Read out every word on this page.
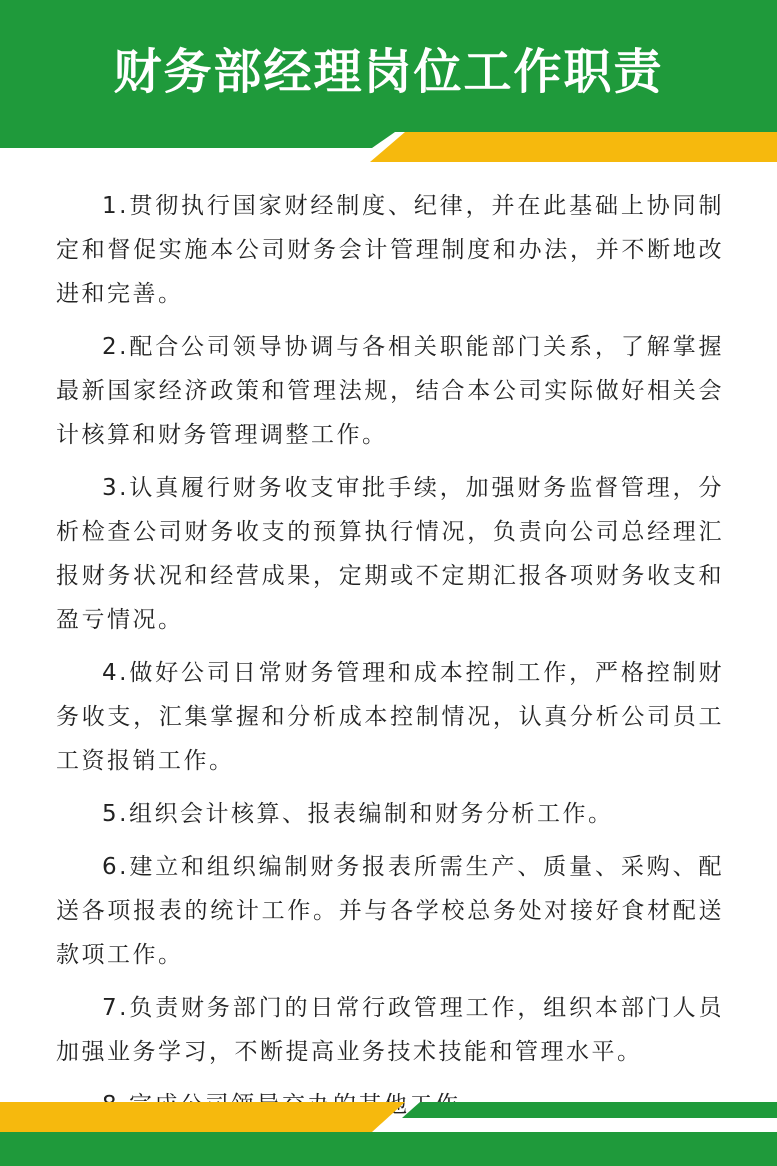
财务部经理岗位工作职责

1.贯彻执行国家财经制度、纪律，并在此基础上协同制定和督促实施本公司财务会计管理制度和办法，并不断地改进和完善。

2.配合公司领导协调与各相关职能部门关系，了解掌握最新国家经济政策和管理法规，结合本公司实际做好相关会计核算和财务管理调整工作。

3.认真履行财务收支审批手续，加强财务监督管理，分析检查公司财务收支的预算执行情况，负责向公司总经理汇报财务状况和经营成果，定期或不定期汇报各项财务收支和盈亏情况。

4.做好公司日常财务管理和成本控制工作，严格控制财务收支，汇集掌握和分析成本控制情况，认真分析公司员工工资报销工作。

5.组织会计核算、报表编制和财务分析工作。

6.建立和组织编制财务报表所需生产、质量、采购、配送各项报表的统计工作。并与各学校总务处对接好食材配送款项工作。

7.负责财务部门的日常行政管理工作，组织本部门人员加强业务学习，不断提高业务技术技能和管理水平。
